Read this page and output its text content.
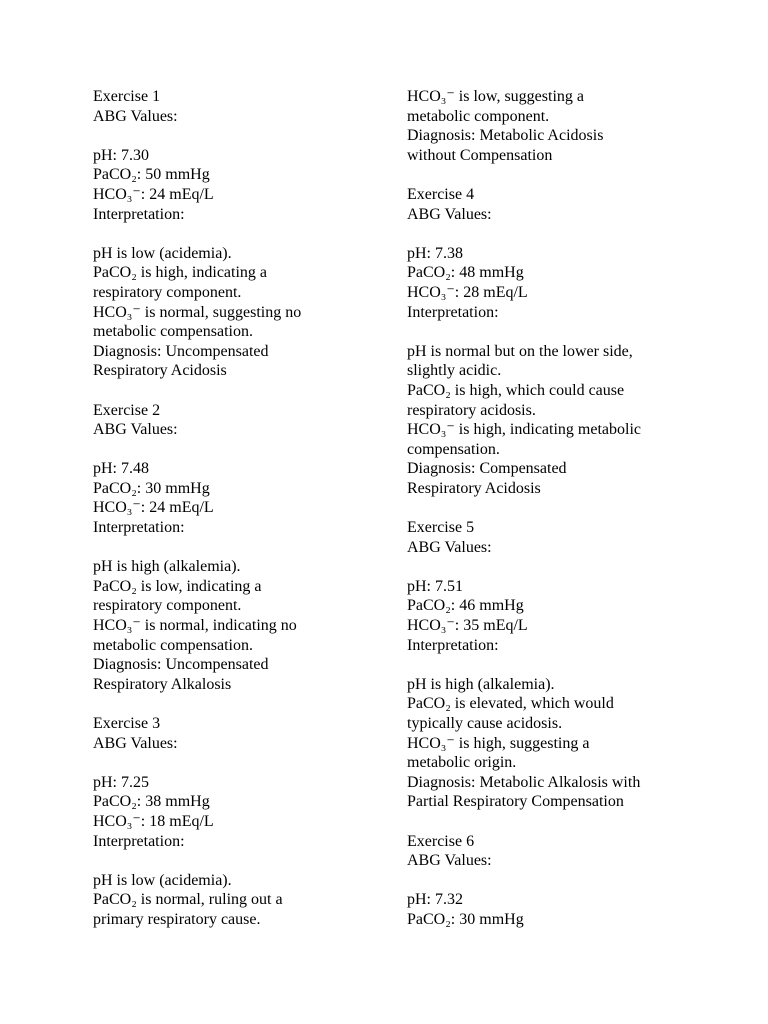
Exercise 1
ABG Values:
pH: 7.30
PaCO₂: 50 mmHg
HCO₃⁻: 24 mEq/L
Interpretation:
pH is low (acidemia).
PaCO₂ is high, indicating a
respiratory component.
HCO₃⁻ is normal, suggesting no
metabolic compensation.
Diagnosis: Uncompensated
Respiratory Acidosis
Exercise 2
ABG Values:
pH: 7.48
PaCO₂: 30 mmHg
HCO₃⁻: 24 mEq/L
Interpretation:
pH is high (alkalemia).
PaCO₂ is low, indicating a
respiratory component.
HCO₃⁻ is normal, indicating no
metabolic compensation.
Diagnosis: Uncompensated
Respiratory Alkalosis
Exercise 3
ABG Values:
pH: 7.25
PaCO₂: 38 mmHg
HCO₃⁻: 18 mEq/L
Interpretation:
pH is low (acidemia).
PaCO₂ is normal, ruling out a
primary respiratory cause.
HCO₃⁻ is low, suggesting a
metabolic component.
Diagnosis: Metabolic Acidosis
without Compensation
Exercise 4
ABG Values:
pH: 7.38
PaCO₂: 48 mmHg
HCO₃⁻: 28 mEq/L
Interpretation:
pH is normal but on the lower side,
slightly acidic.
PaCO₂ is high, which could cause
respiratory acidosis.
HCO₃⁻ is high, indicating metabolic
compensation.
Diagnosis: Compensated
Respiratory Acidosis
Exercise 5
ABG Values:
pH: 7.51
PaCO₂: 46 mmHg
HCO₃⁻: 35 mEq/L
Interpretation:
pH is high (alkalemia).
PaCO₂ is elevated, which would
typically cause acidosis.
HCO₃⁻ is high, suggesting a
metabolic origin.
Diagnosis: Metabolic Alkalosis with
Partial Respiratory Compensation
Exercise 6
ABG Values:
pH: 7.32
PaCO₂: 30 mmHg
